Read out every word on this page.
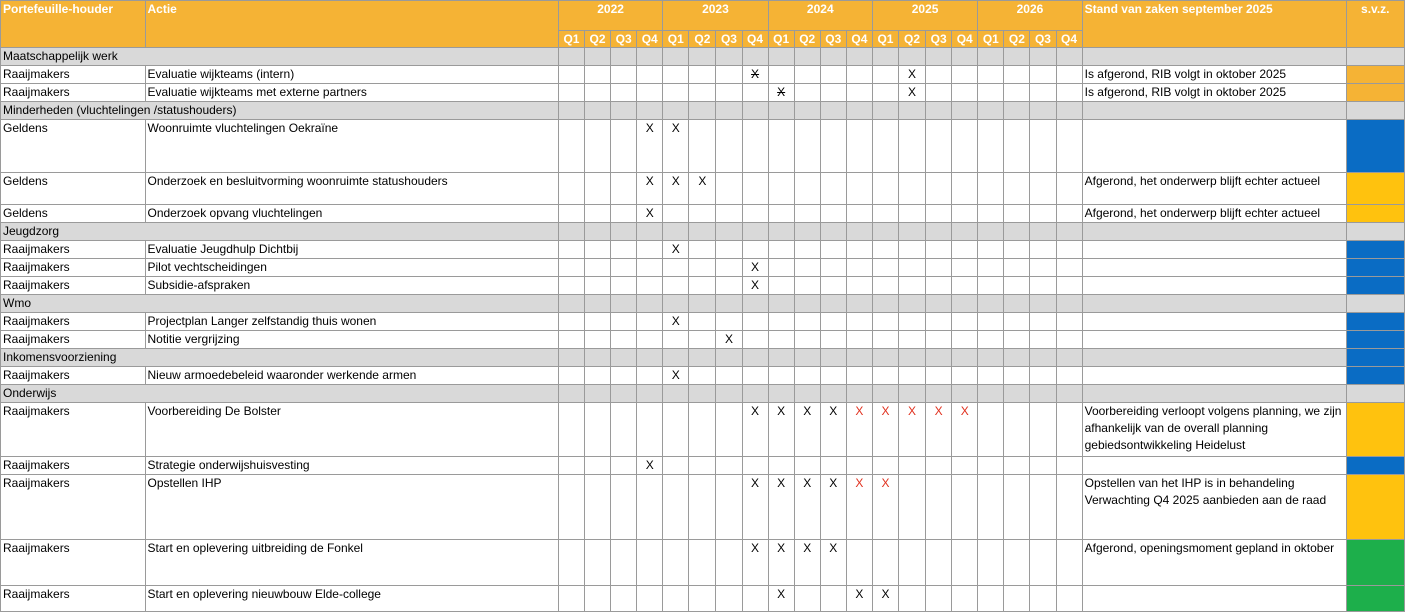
Portefeuille-houder	Actie	2022				2023				2024				2025				2026				Stand van zaken september 2025	s.v.z.
		Q1	Q2	Q3	Q4	Q1	Q2	Q3	Q4	Q1	Q2	Q3	Q4	Q1	Q2	Q3	Q4	Q1	Q2	Q3	Q4		
Maatschappelijk werk																							
Raaijmakers	Evaluatie wijkteams (intern)								X						X							Is afgerond, RIB volgt in oktober 2025	
Raaijmakers	Evaluatie wijkteams met externe partners									X					X							Is afgerond, RIB volgt in oktober 2025	
Minderheden (vluchtelingen /statushouders)																							
Geldens	Woonruimte vluchtelingen Oekraïne				X	X																	
Geldens	Onderzoek en besluitvorming woonruimte statushouders				X	X	X															Afgerond, het onderwerp blijft echter actueel	
Geldens	Onderzoek opvang vluchtelingen				X																	Afgerond, het onderwerp blijft echter actueel	
Jeugdzorg																							
Raaijmakers	Evaluatie Jeugdhulp Dichtbij					X																	
Raaijmakers	Pilot vechtscheidingen								X														
Raaijmakers	Subsidie-afspraken								X														
Wmo																							
Raaijmakers	Projectplan Langer zelfstandig thuis wonen					X																	
Raaijmakers	Notitie vergrijzing							X															
Inkomensvoorziening																							
Raaijmakers	Nieuw armoedebeleid waaronder werkende armen					X																	
Onderwijs																							
Raaijmakers	Voorbereiding De Bolster								X	X	X	X	X	X	X	X	X					Voorbereiding verloopt volgens planning, we zijn afhankelijk van de overall planning gebiedsontwikkeling Heidelust	
Raaijmakers	Strategie onderwijshuisvesting				X																		
Raaijmakers	Opstellen IHP								X	X	X	X	X	X								Opstellen van het IHP is in behandeling Verwachting Q4 2025 aanbieden aan de raad	
Raaijmakers	Start en oplevering uitbreiding de Fonkel								X	X	X	X										Afgerond, openingsmoment gepland in oktober	
Raaijmakers	Start en oplevering nieuwbouw Elde-college									X			X	X									
